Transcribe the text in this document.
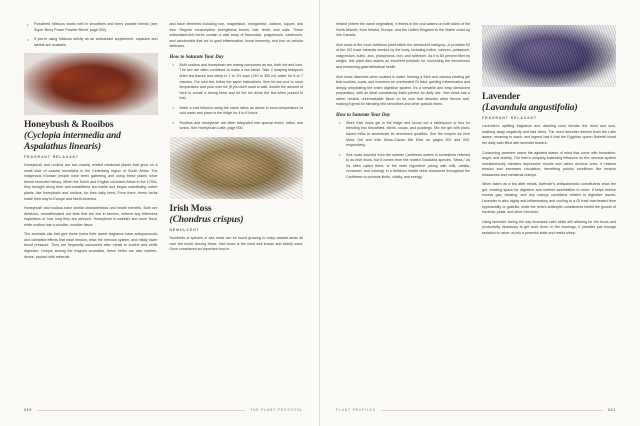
• Powdered hibiscus works well in smoothies and berry powder blends (see Super Berry Power Powder Blend, page 000).
• If you're using hibiscus strictly as an antioxidant supplement, capsules and tablets are available.
Honeybush & Rooibos
(Cyclopia intermedia and
Aspalathus linearis)
FRAGRANT RELAXANT

Honeybush and rooibos are two closely related medicinal plants that grow on a small slice of coastal mountains in the Cederberg region of South Africa. The indigenous Khoisan people have been gathering and using these plants since before recorded history. When the Dutch and English colonized Africa in the 1700s, they brought along their well-established tea habits and began substituting native plants, like honeybush and rooibos, for their daily brew. From there, these herbs made their way to Europe and North America.

Honeybush and rooibos have similar characteristics and health benefits. Both are delicious, noncaffeinated red teas that are low in tannins, without any bitterness regardless of how long they are steeped. Honeybush is sweeter and more floral, while rooibos has a woodier, smokier flavor.

The aromatic oils that give these herbs their sweet fragrance have antispasmodic and calmative effects that ease tension, relax the nervous system, and mildly lower blood pressure. They are frequently consumed after meals to soothe and settle digestion. Unique among the fragrant aromatics, these herbs are also nutrient-dense, packed with minerals

and trace elements including iron, magnesium, manganese, calcium, copper, and zinc. Regular consumption strengthens bones, hair, teeth, and nails. These antioxidant-rich herbs contain a vast array of flavonoids, polyphenols, xanthones, and carotenoids that act to quell inflammation, boost immunity, and turn on cellular defenses.

How to Saturate Your Day
• Both rooibos and honeybush are mainly consumed as tea, both hot and iced. The two are often combined to make a tea blend. Take 2 heaping teaspoon dried tea leaves and steep in 1 to 1½ cups (240 to 360 ml) water for 5 to 7 minutes. For iced tea, follow the same instructions, then let tea cool to room temperature and pour over ice (if you don't want to wait, double the amount of herb to create a strong brew and let the ice dilute the tea when poured in hot).
• Make a cold infusion using the same ratios as above in room-temperature or cold water and place in the fridge for 4 to 6 hours.
• Rooibos and honeybush are often integrated into special elixirs, lattes, and tonics. See Honeybush Latte, page 000.
Irish Moss
(Chondrus crispus)
DEMULCENT

Hundreds of species of sea moss can be found growing in rocky coastal areas all over the world. Among these, Irish moss is the most well known and widely used. Once considered an important food in

320	THE PLANT PROTOCOL

Ireland (where the name originated), it thrives in the cool waters on both sides of the North Atlantic, from Ireland, Europe, and the United Kingdom to the Maine coast up into Canada.

Irish moss is the most nutritious plant within the demulcent category—it provides 92 of the 102 trace minerals needed by the body, including iodine, calcium, potassium, magnesium, sulfur, zinc, phosphorus, iron, and selenium. As it is 80 percent fiber by weight, this plant also makes an excellent prebiotic for nourishing the microbiome and enhancing gastrointestinal health.

Irish moss dissolves when soaked in water, forming a thick and viscous healing gel that soothes, cools, and moistens an overheated GI tract, quelling inflammation and deeply rehydrating the entire digestive system. It's a versatile and easy demulcent preparation, with an ideal consistency that's perfect for daily use. Irish moss has a rather neutral, unremarkable flavor on its own that absorbs other flavors well, making it great for blending into smoothies and other special elixirs.

How to Saturate Your Day
• Store Irish moss gel in the fridge and scoop out a tablespoon or two for blending into smoothies, elixirs, soups, and puddings. Mix the gel with plant-based milks to accentuate its demulcent qualities. See the recipes for Irish Moss Gel and Irish Moss–Cacao Nib Elixir on pages 000 and 000, respectively.
• Sea moss sourced from the warmer Caribbean waters is sometimes referred to as Irish moss, but it comes from the related Gracilaria species. "Moss," as it's often called there, is the main ingredient (along with milk, vanilla, cinnamon, and nutmeg) in a delicious health drink consumed throughout the Caribbean to promote libido, vitality, and energy.
Lavender
(Lavandula angustifolia)
FRAGRANT RELAXANT

Lavender's uplifting fragrance and dazzling color elevate the mind and soul, washing away negativity and bad vibes. The word lavender derives from the Latin lavare, meaning to wash, and legend has it that the Egyptian queen Nefertiti loved her daily bath filled with lavender flowers.

Consuming lavender calms the agitated states of mind that come with frustration, anger, and anxiety. The herb's uniquely balancing influence on the nervous system simultaneously elevates depressive moods and calms anxious ones. It relaxes tension and increases circulation, benefiting painful conditions like tension headaches and menstrual cramps.

When taken as a tea after meals, lavender's antispasmodic constituents relax the gut, creating space for digestion and nutrient assimilation to occur. It helps reduce excess gas, bloating, and any crampy conditions related to digestive issues. Lavender is also highly anti-inflammatory and cooling to a GI tract overheated from hyperacidity or gastritis, while the herb's antiseptic constituents inhibit the growth of bacteria, yeast, and other microbes.

Using lavender during the day increases calm while still allowing for the focus and productivity necessary to get work done. In the evenings, it provides just enough sedation to usher us into a peaceful state and restful sleep.

PLANT PROFILES	321
